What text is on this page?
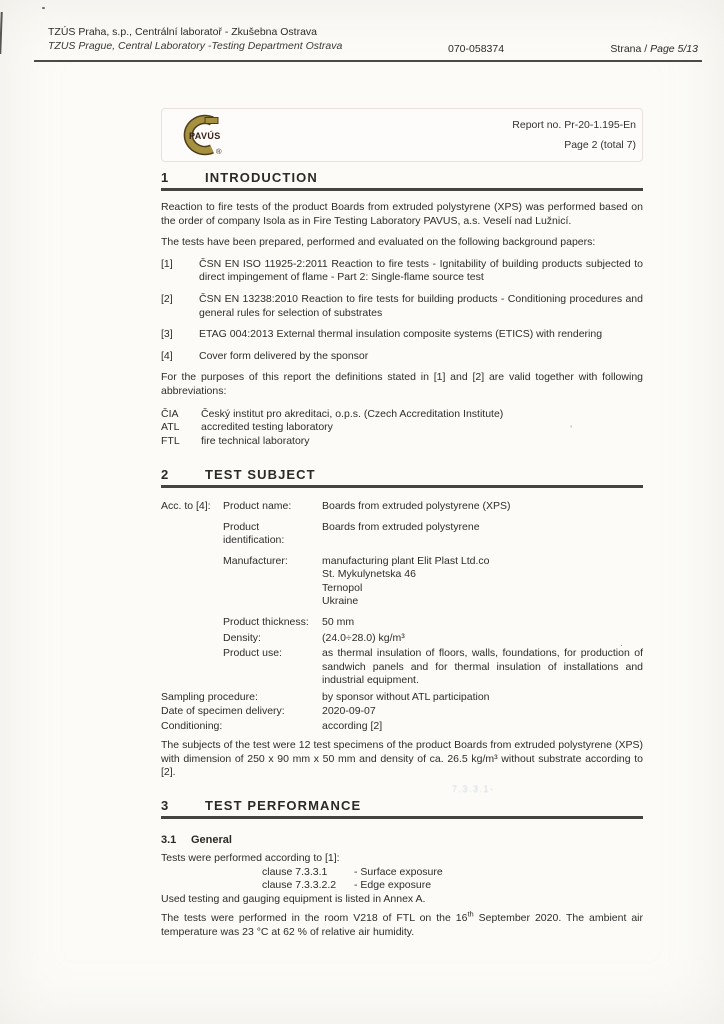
TZÚS Praha, s.p., Centrální laboratoř - Zkušebna Ostrava
TZUS Prague, Central Laboratory -Testing Department Ostrava	070-058374	Strana / Page 5/13
PAVÚS
®
Report no. Pr-20-1.195-En
Page 2 (total 7)
1	INTRODUCTION

Reaction to fire tests of the product Boards from extruded polystyrene (XPS) was performed based on the order of company Isola as in Fire Testing Laboratory PAVUS, a.s. Veselí nad Lužnicí.

The tests have been prepared, performed and evaluated on the following background papers:

[1]	ČSN EN ISO 11925-2:2011 Reaction to fire tests - Ignitability of building products subjected to direct impingement of flame - Part 2: Single-flame source test
[2]	ČSN EN 13238:2010 Reaction to fire tests for building products - Conditioning procedures and general rules for selection of substrates
[3]	ETAG 004:2013 External thermal insulation composite systems (ETICS) with rendering
[4]	Cover form delivered by the sponsor

For the purposes of this report the definitions stated in [1] and [2] are valid together with following abbreviations:

ČIA	Český institut pro akreditaci, o.p.s. (Czech Accreditation Institute)
ATL	accredited testing laboratory
FTL	fire technical laboratory
2	TEST SUBJECT
Acc. to [4]:	Product name:	Boards from extruded polystyrene (XPS)
Product identification:
Boards from extruded polystyrene
Manufacturer:	manufacturing plant Elit Plast Ltd.co
St. Mykulynetska 46
Ternopol
Ukraine
Product thickness:	50 mm
Density:	(24.0÷28.0) kg/m³
Product use:	as thermal insulation of floors, walls, foundations, for production of sandwich panels and for thermal insulation of installations and industrial equipment.
Sampling procedure:	by sponsor without ATL participation
Date of specimen delivery:	2020-09-07
Conditioning:	according [2]

The subjects of the test were 12 test specimens of the product Boards from extruded polystyrene (XPS) with dimension of 250 x 90 mm x 50 mm and density of ca. 26.5 kg/m³ without substrate according to [2].

3	TEST PERFORMANCE
3.1	General

Tests were performed according to [1]:

clause 7.3.3.1	- Surface exposure
clause 7.3.3.2.2	- Edge exposure

Used testing and gauging equipment is listed in Annex A.

The tests were performed in the room V218 of FTL on the 16th September 2020. The ambient air temperature was 23 °C at 62 % of relative air humidity.

’
·
7.3.3.1-
